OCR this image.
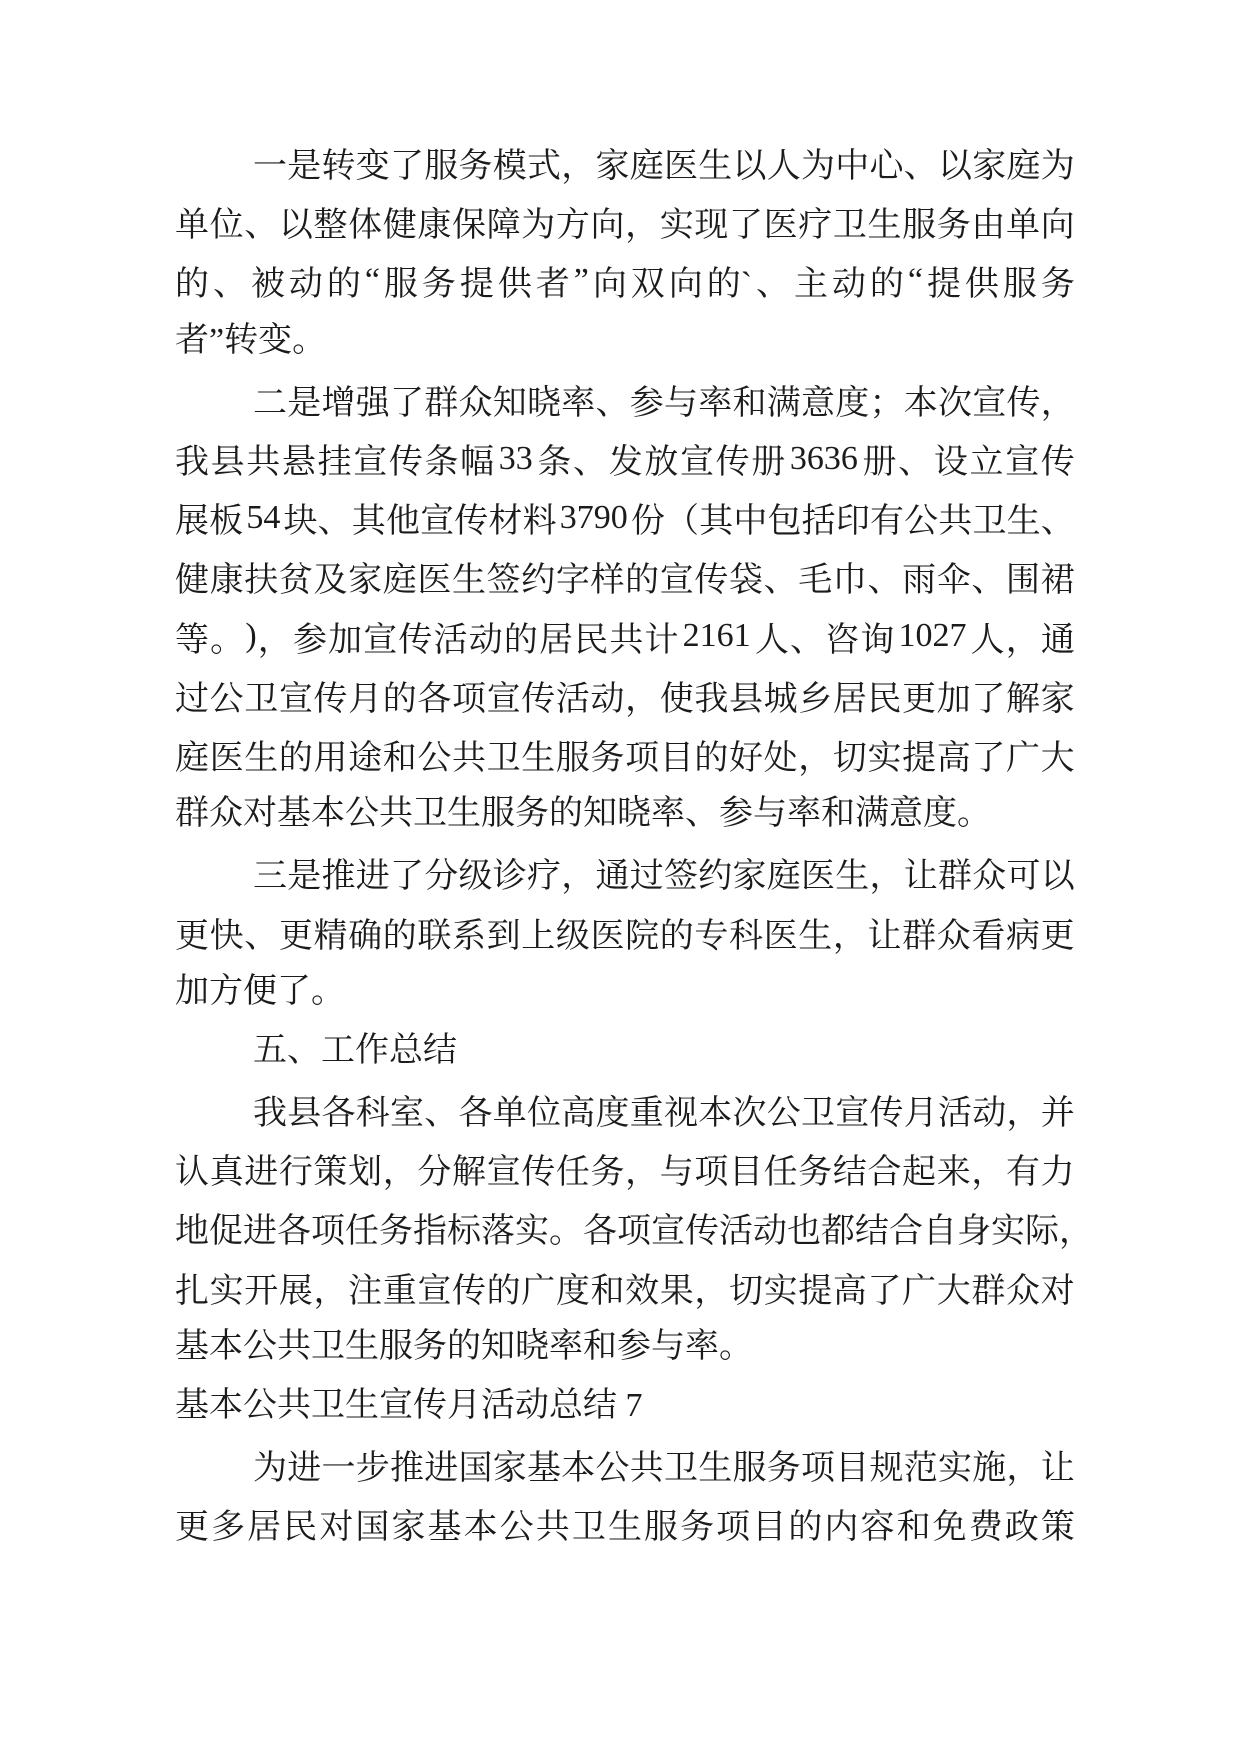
一 是 转 变 了 服 务 模 式 ， 家 庭 医 生 以 人 为 中 心 、 以 家 庭 为
单 位 、 以 整 体 健 康 保 障 为 方 向 ， 实 现 了 医 疗 卫 生 服 务 由 单 向
的 、 被 动 的 “ 服 务 提 供 者 ” 向 双 向 的` 、 主 动 的 “ 提 供 服 务
者”转变。
二 是 增 强 了 群 众 知 晓 率 、 参 与 率 和 满 意 度 ； 本 次 宣 传 ，
我 县 共 悬 挂 宣 传 条 幅 33 条 、 发 放 宣 传 册 3636 册 、 设 立 宣 传
展 板 54 块 、 其 他 宣 传 材 料 3790 份 （ 其 中 包 括 印 有 公 共 卫 生 、
健 康 扶 贫 及 家 庭 医 生 签 约 字 样 的 宣 传 袋 、 毛 巾 、 雨 伞 、 围 裙
等 。 ) ， 参 加 宣 传 活 动 的 居 民 共 计 2161 人 、 咨 询 1027 人 ， 通
过 公 卫 宣 传 月 的 各 项 宣 传 活 动 ， 使 我 县 城 乡 居 民 更 加 了 解 家
庭 医 生 的 用 途 和 公 共 卫 生 服 务 项 目 的 好 处 ， 切 实 提 高 了 广 大
群众对基本公共卫生服务的知晓率、参与率和满意度。
三 是 推 进 了 分 级 诊 疗 ， 通 过 签 约 家 庭 医 生 ， 让 群 众 可 以
更 快 、 更 精 确 的 联 系 到 上 级 医 院 的 专 科 医 生 ， 让 群 众 看 病 更
加方便了。
五、工作总结
我 县 各 科 室 、 各 单 位 高 度 重 视 本 次 公 卫 宣 传 月 活 动 ， 并
认 真 进 行 策 划 ， 分 解 宣 传 任 务 ， 与 项 目 任 务 结 合 起 来 ， 有 力
地 促 进 各 项 任 务 指 标 落 实 。 各 项 宣 传 活 动 也 都 结 合 自 身 实 际 ，
扎 实 开 展 ， 注 重 宣 传 的 广 度 和 效 果 ， 切 实 提 高 了 广 大 群 众 对
基本公共卫生服务的知晓率和参与率。
基本公共卫生宣传月活动总结 7
为 进 一 步 推 进 国 家 基 本 公 共 卫 生 服 务 项 目 规 范 实 施 ， 让
更 多 居 民 对 国 家 基 本 公 共 卫 生 服 务 项 目 的 内 容 和 免 费 政 策
